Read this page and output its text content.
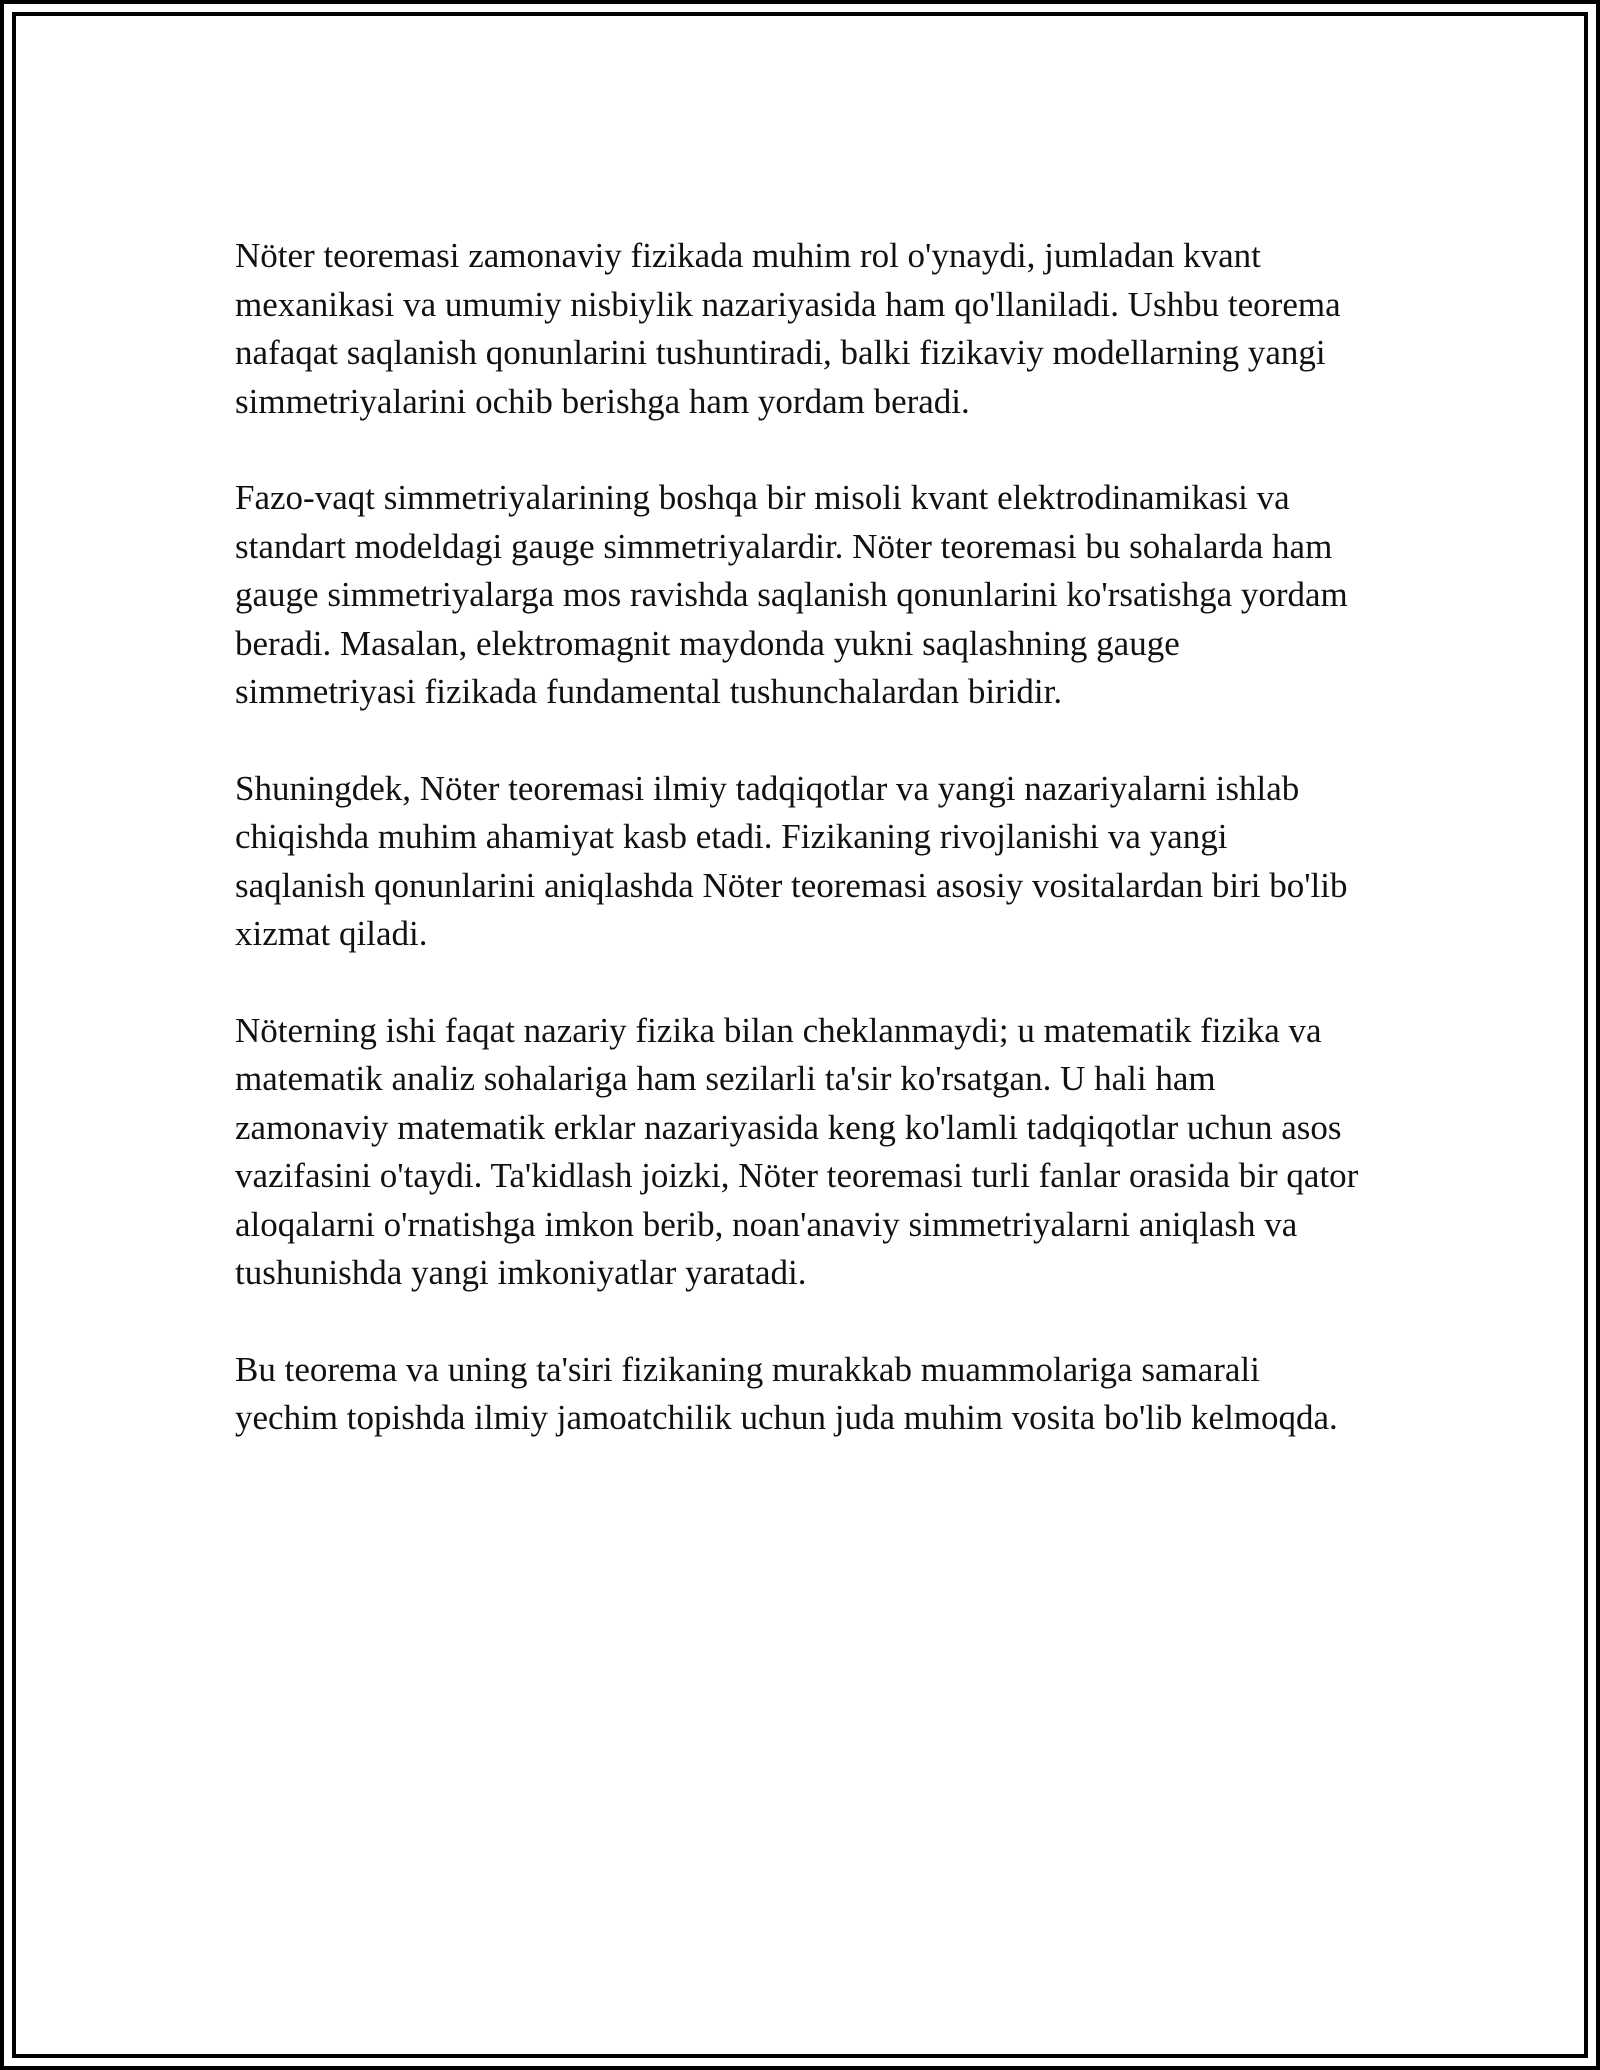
Nöter teoremasi zamonaviy fizikada muhim rol o'ynaydi, jumladan kvant mexanikasi va umumiy nisbiylik nazariyasida ham qo'llaniladi. Ushbu teorema nafaqat saqlanish qonunlarini tushuntiradi, balki fizikaviy modellarning yangi simmetriyalarini ochib berishga ham yordam beradi.

Fazo-vaqt simmetriyalarining boshqa bir misoli kvant elektrodinamikasi va standart modeldagi gauge simmetriyalardir. Nöter teoremasi bu sohalarda ham gauge simmetriyalarga mos ravishda saqlanish qonunlarini ko'rsatishga yordam beradi. Masalan, elektromagnit maydonda yukni saqlashning gauge simmetriyasi fizikada fundamental tushunchalardan biridir.

Shuningdek, Nöter teoremasi ilmiy tadqiqotlar va yangi nazariyalarni ishlab chiqishda muhim ahamiyat kasb etadi. Fizikaning rivojlanishi va yangi saqlanish qonunlarini aniqlashda Nöter teoremasi asosiy vositalardan biri bo'lib xizmat qiladi.

Nöterning ishi faqat nazariy fizika bilan cheklanmaydi; u matematik fizika va matematik analiz sohalariga ham sezilarli ta'sir ko'rsatgan. U hali ham zamonaviy matematik erklar nazariyasida keng ko'lamli tadqiqotlar uchun asos vazifasini o'taydi. Ta'kidlash joizki, Nöter teoremasi turli fanlar orasida bir qator aloqalarni o'rnatishga imkon berib, noan'anaviy simmetriyalarni aniqlash va tushunishda yangi imkoniyatlar yaratadi.

Bu teorema va uning ta'siri fizikaning murakkab muammolariga samarali yechim topishda ilmiy jamoatchilik uchun juda muhim vosita bo'lib kelmoqda.
